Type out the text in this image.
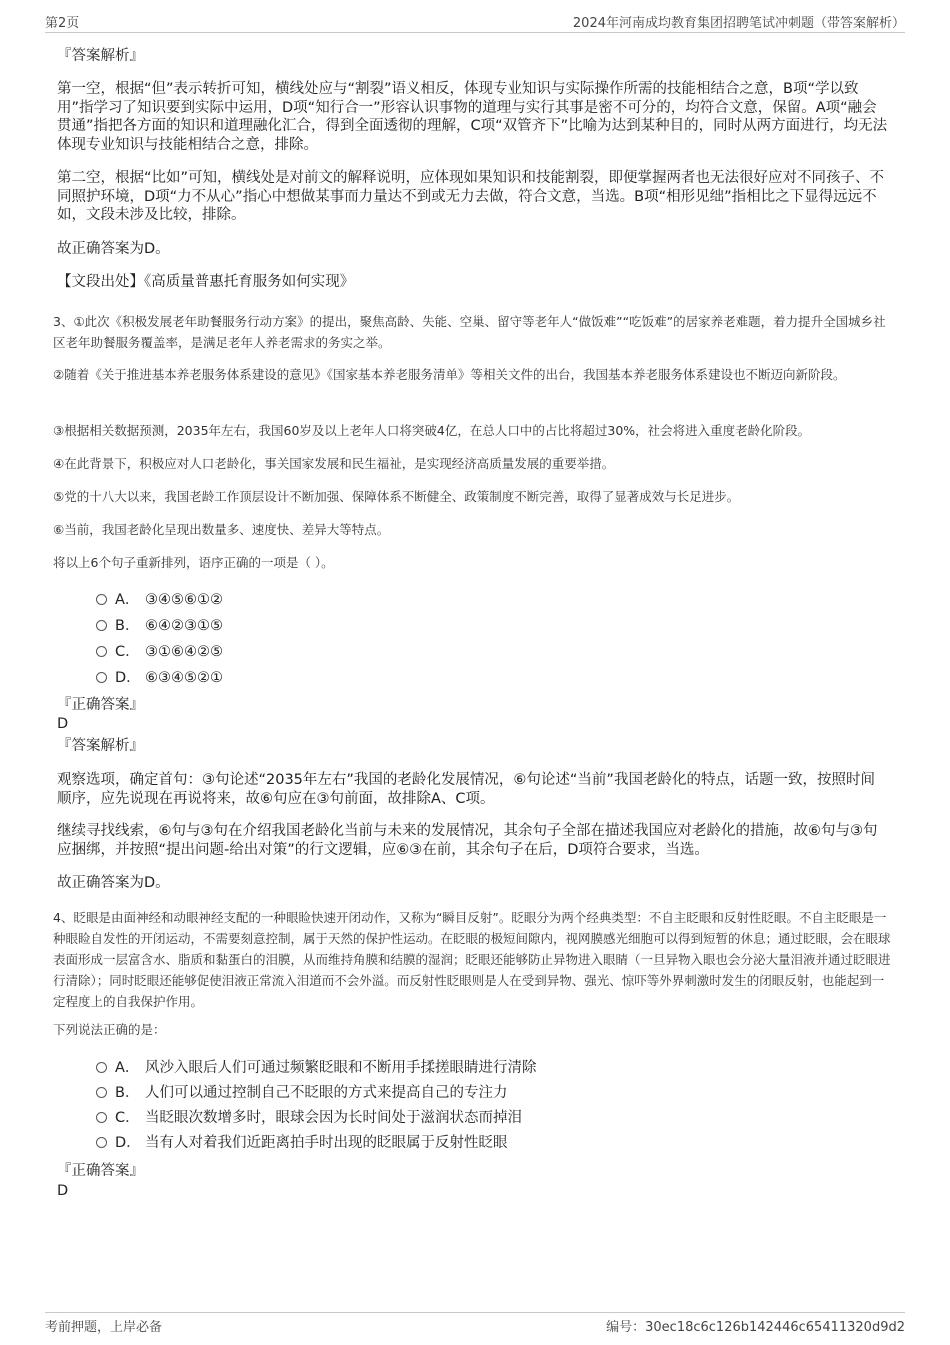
第2页	2024年河南成均教育集团招聘笔试冲刺题（带答案解析）
『答案解析』

第一空，根据“但”表示转折可知，横线处应与“割裂”语义相反，体现专业知识与实际操作所需的技能相结合之意，B项“学以致用”指学习了知识要到实际中运用，D项“知行合一”形容认识事物的道理与实行其事是密不可分的，均符合文意，保留。A项“融会贯通”指把各方面的知识和道理融化汇合，得到全面透彻的理解，C项“双管齐下”比喻为达到某种目的，同时从两方面进行，均无法体现专业知识与技能相结合之意，排除。

第二空，根据“比如”可知，横线处是对前文的解释说明，应体现如果知识和技能割裂，即便掌握两者也无法很好应对不同孩子、不同照护环境，D项“力不从心”指心中想做某事而力量达不到或无力去做，符合文意，当选。B项“相形见绌”指相比之下显得远远不如，文段未涉及比较，排除。

故正确答案为D。

【文段出处】《高质量普惠托育服务如何实现》

3、①此次《积极发展老年助餐服务行动方案》的提出，聚焦高龄、失能、空巢、留守等老年人“做饭难”“吃饭难”的居家养老难题，着力提升全国城乡社区老年助餐服务覆盖率，是满足老年人养老需求的务实之举。

②随着《关于推进基本养老服务体系建设的意见》《国家基本养老服务清单》等相关文件的出台，我国基本养老服务体系建设也不断迈向新阶段。

③根据相关数据预测，2035年左右，我国60岁及以上老年人口将突破4亿，在总人口中的占比将超过30%，社会将进入重度老龄化阶段。

④在此背景下，积极应对人口老龄化，事关国家发展和民生福祉，是实现经济高质量发展的重要举措。

⑤党的十八大以来，我国老龄工作顶层设计不断加强、保障体系不断健全、政策制度不断完善，取得了显著成效与长足进步。

⑥当前，我国老龄化呈现出数量多、速度快、差异大等特点。

将以上6个句子重新排列，语序正确的一项是（ ）。

A． ③④⑤⑥①②
B． ⑥④②③①⑤
C． ③①⑥④②⑤
D． ⑥③④⑤②①
『正确答案』
D
『答案解析』

观察选项，确定首句：③句论述“2035年左右”我国的老龄化发展情况，⑥句论述“当前”我国老龄化的特点，话题一致，按照时间顺序，应先说现在再说将来，故⑥句应在③句前面，故排除A、C项。

继续寻找线索，⑥句与③句在介绍我国老龄化当前与未来的发展情况，其余句子全部在描述我国应对老龄化的措施，故⑥句与③句应捆绑，并按照“提出问题-给出对策”的行文逻辑，应⑥③在前，其余句子在后，D项符合要求，当选。

故正确答案为D。

4、眨眼是由面神经和动眼神经支配的一种眼睑快速开闭动作，又称为“瞬目反射”。眨眼分为两个经典类型：不自主眨眼和反射性眨眼。不自主眨眼是一种眼睑自发性的开闭运动，不需要刻意控制，属于天然的保护性运动。在眨眼的极短间隙内，视网膜感光细胞可以得到短暂的休息；通过眨眼，会在眼球表面形成一层富含水、脂质和黏蛋白的泪膜，从而维持角膜和结膜的湿润；眨眼还能够防止异物进入眼睛（一旦异物入眼也会分泌大量泪液并通过眨眼进行清除）；同时眨眼还能够促使泪液正常流入泪道而不会外溢。而反射性眨眼则是人在受到异物、强光、惊吓等外界刺激时发生的闭眼反射，也能起到一定程度上的自我保护作用。

下列说法正确的是：

A． 风沙入眼后人们可通过频繁眨眼和不断用手揉搓眼睛进行清除
B． 人们可以通过控制自己不眨眼的方式来提高自己的专注力
C． 当眨眼次数增多时，眼球会因为长时间处于滋润状态而掉泪
D． 当有人对着我们近距离拍手时出现的眨眼属于反射性眨眼
『正确答案』
D
考前押题，上岸必备	编号：30ec18c6c126b142446c65411320d9d2
